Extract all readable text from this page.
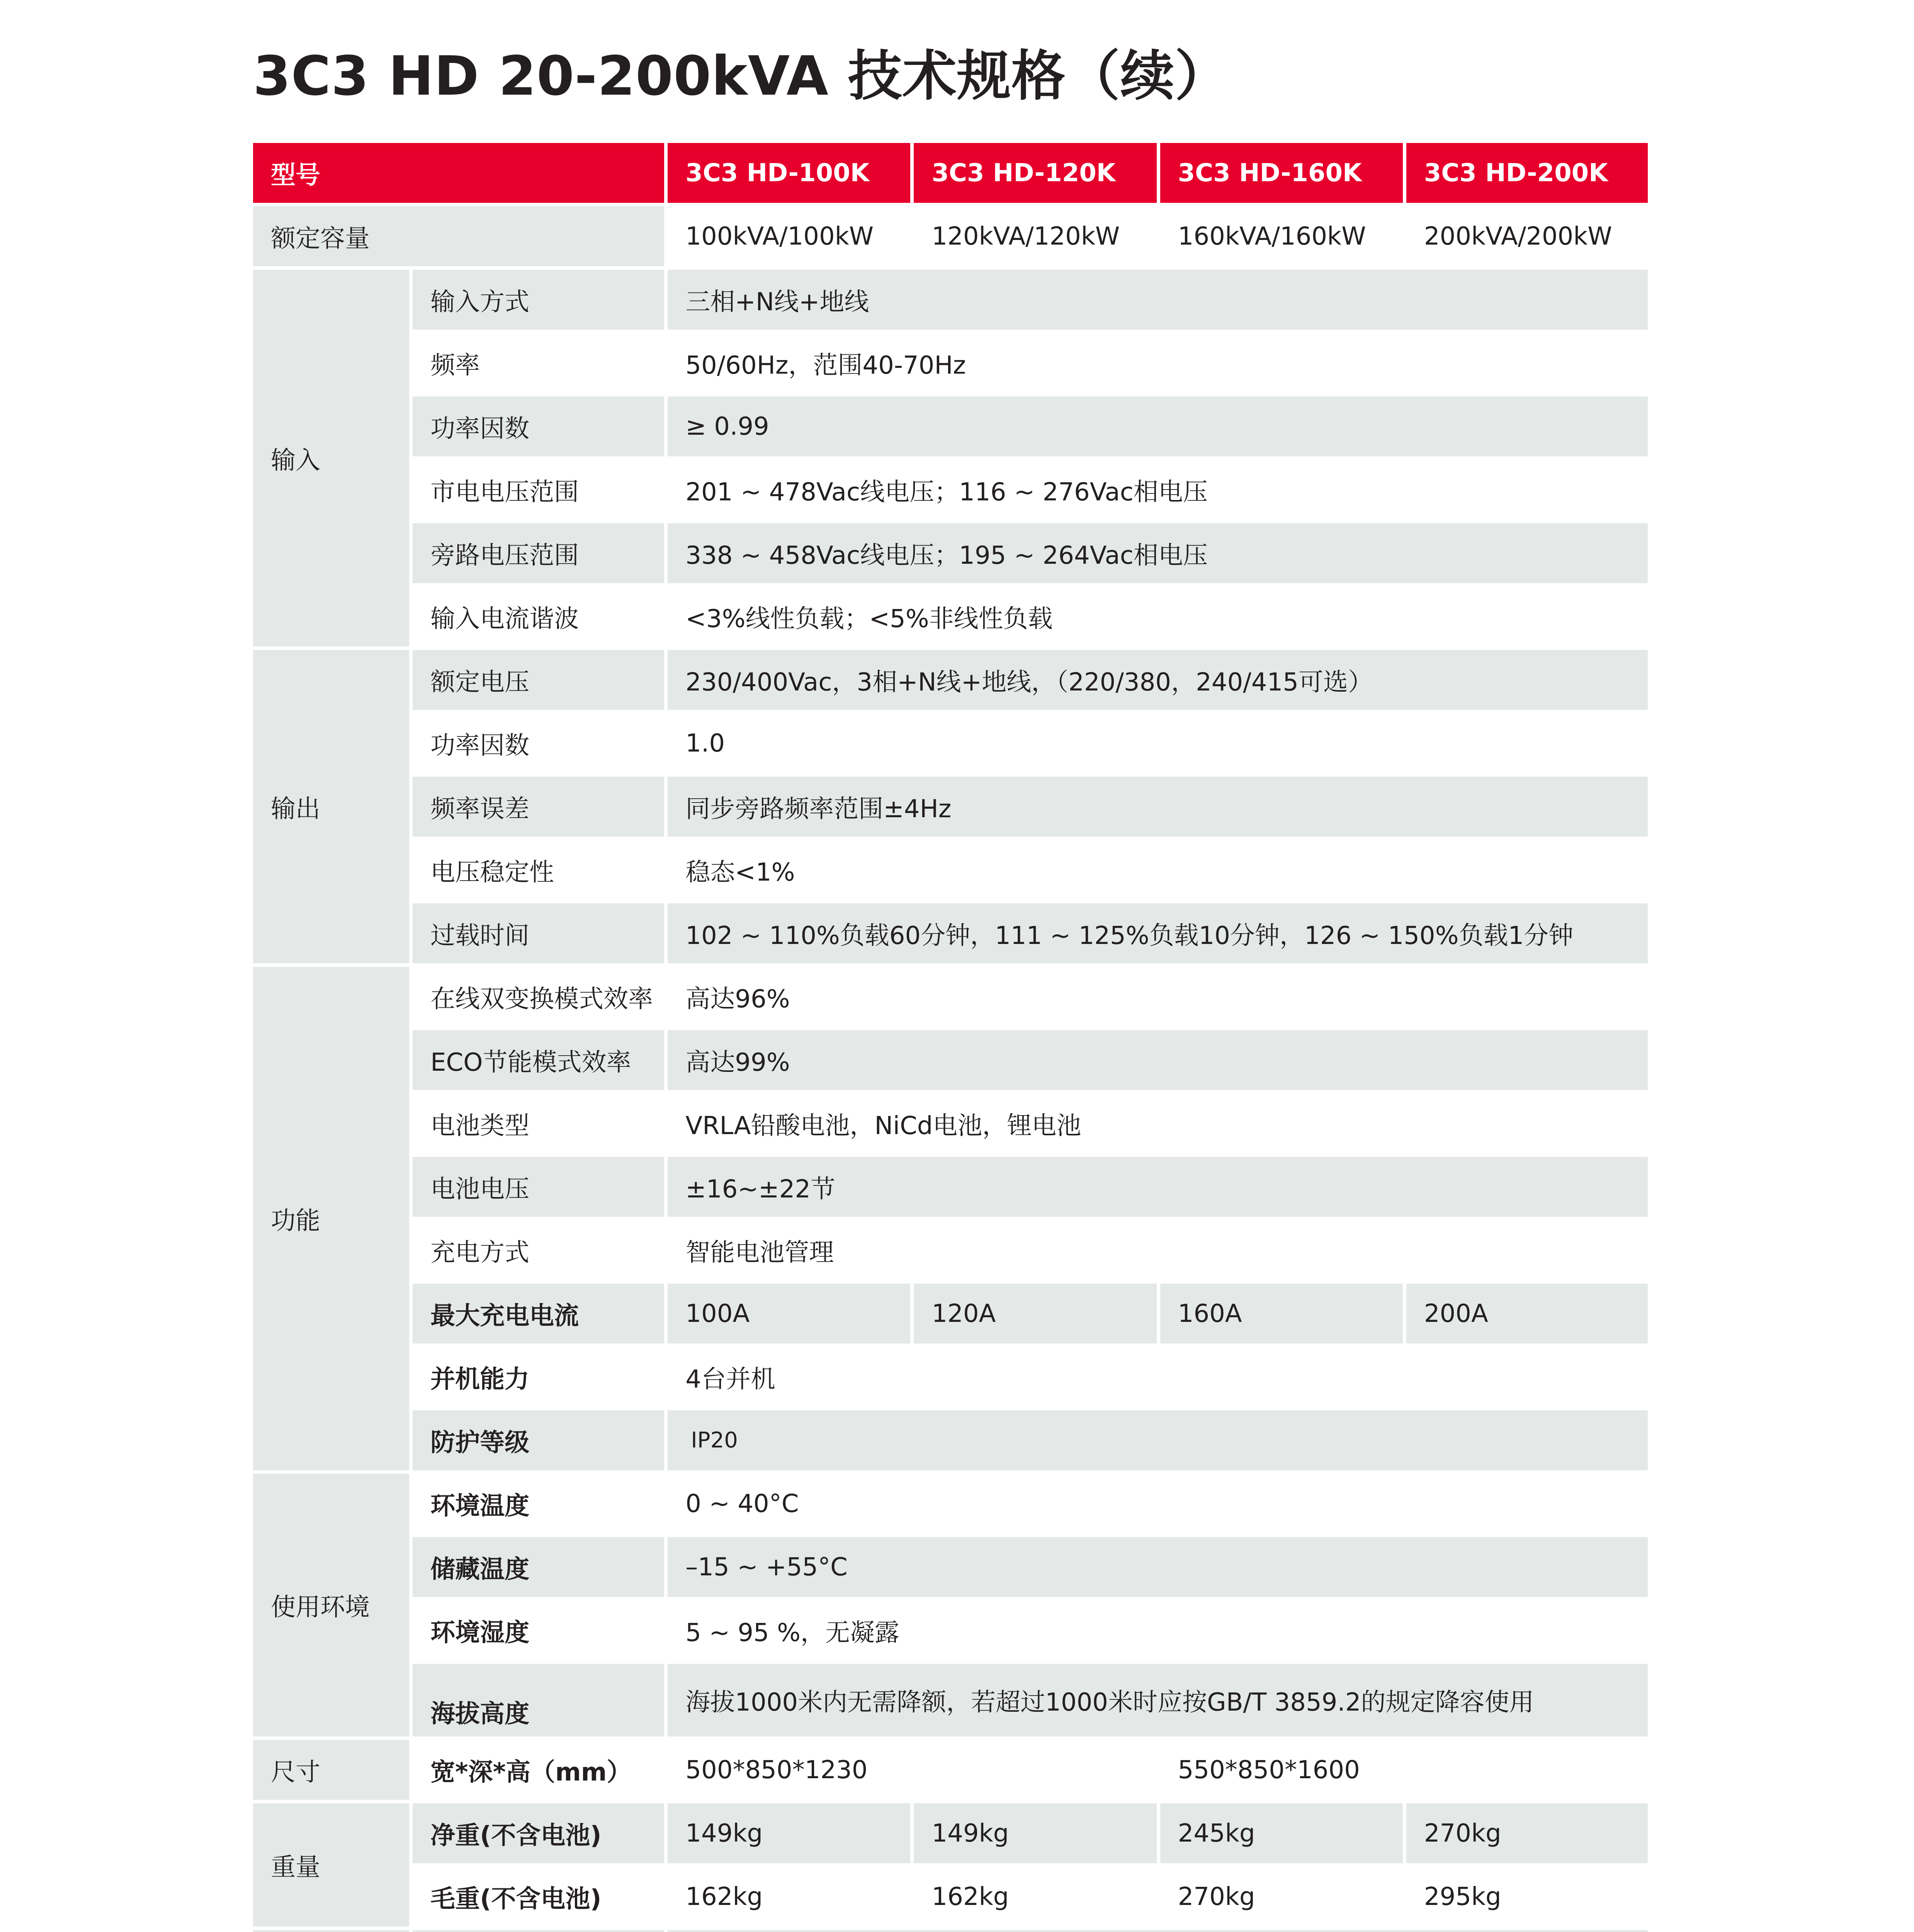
3C3 HD 20-200kVA 技术规格（续）
型号		3C3 HD-100K	3C3 HD-120K	3C3 HD-160K	3C3 HD-200K
额定容量		100kVA/100kW	120kVA/120kW	160kVA/160kW	200kVA/200kW
输入	输入方式	三相+N线+地线			
	频率	50/60Hz，范围40-70Hz			
	功率因数	≥ 0.99			
	市电电压范围	201 ~ 478Vac线电压；116 ~ 276Vac相电压			
	旁路电压范围	338 ~ 458Vac线电压；195 ~ 264Vac相电压			
	输入电流谐波	<3%线性负载；<5%非线性负载			
输出	额定电压	230/400Vac，3相+N线+地线，（220/380，240/415可选）			
	功率因数	1.0			
	频率误差	同步旁路频率范围±4Hz			
	电压稳定性	稳态<1%			
	过载时间	102 ~ 110%负载60分钟，111 ~ 125%负载10分钟，126 ~ 150%负载1分钟			
功能	在线双变换模式效率	高达96%			
	ECO节能模式效率	高达99%			
	电池类型	VRLA铅酸电池，NiCd电池，锂电池			
	电池电压	±16~±22节			
	充电方式	智能电池管理			
	最大充电电流	100A	120A	160A	200A
	并机能力	4台并机			
	防护等级	IP20			
使用环境	环境温度	0 ~ 40°C			
	储藏温度	–15 ~ +55°C			
	环境湿度	5 ~ 95 %，无凝露			
	海拔高度	海拔1000米内无需降额，若超过1000米时应按GB/T 3859.2的规定降容使用			
尺寸	宽*深*高（mm）	500*850*1230		550*850*1600	
重量	净重(不含电池)	149kg	149kg	245kg	270kg
	毛重(不含电池)	162kg	162kg	270kg	295kg
